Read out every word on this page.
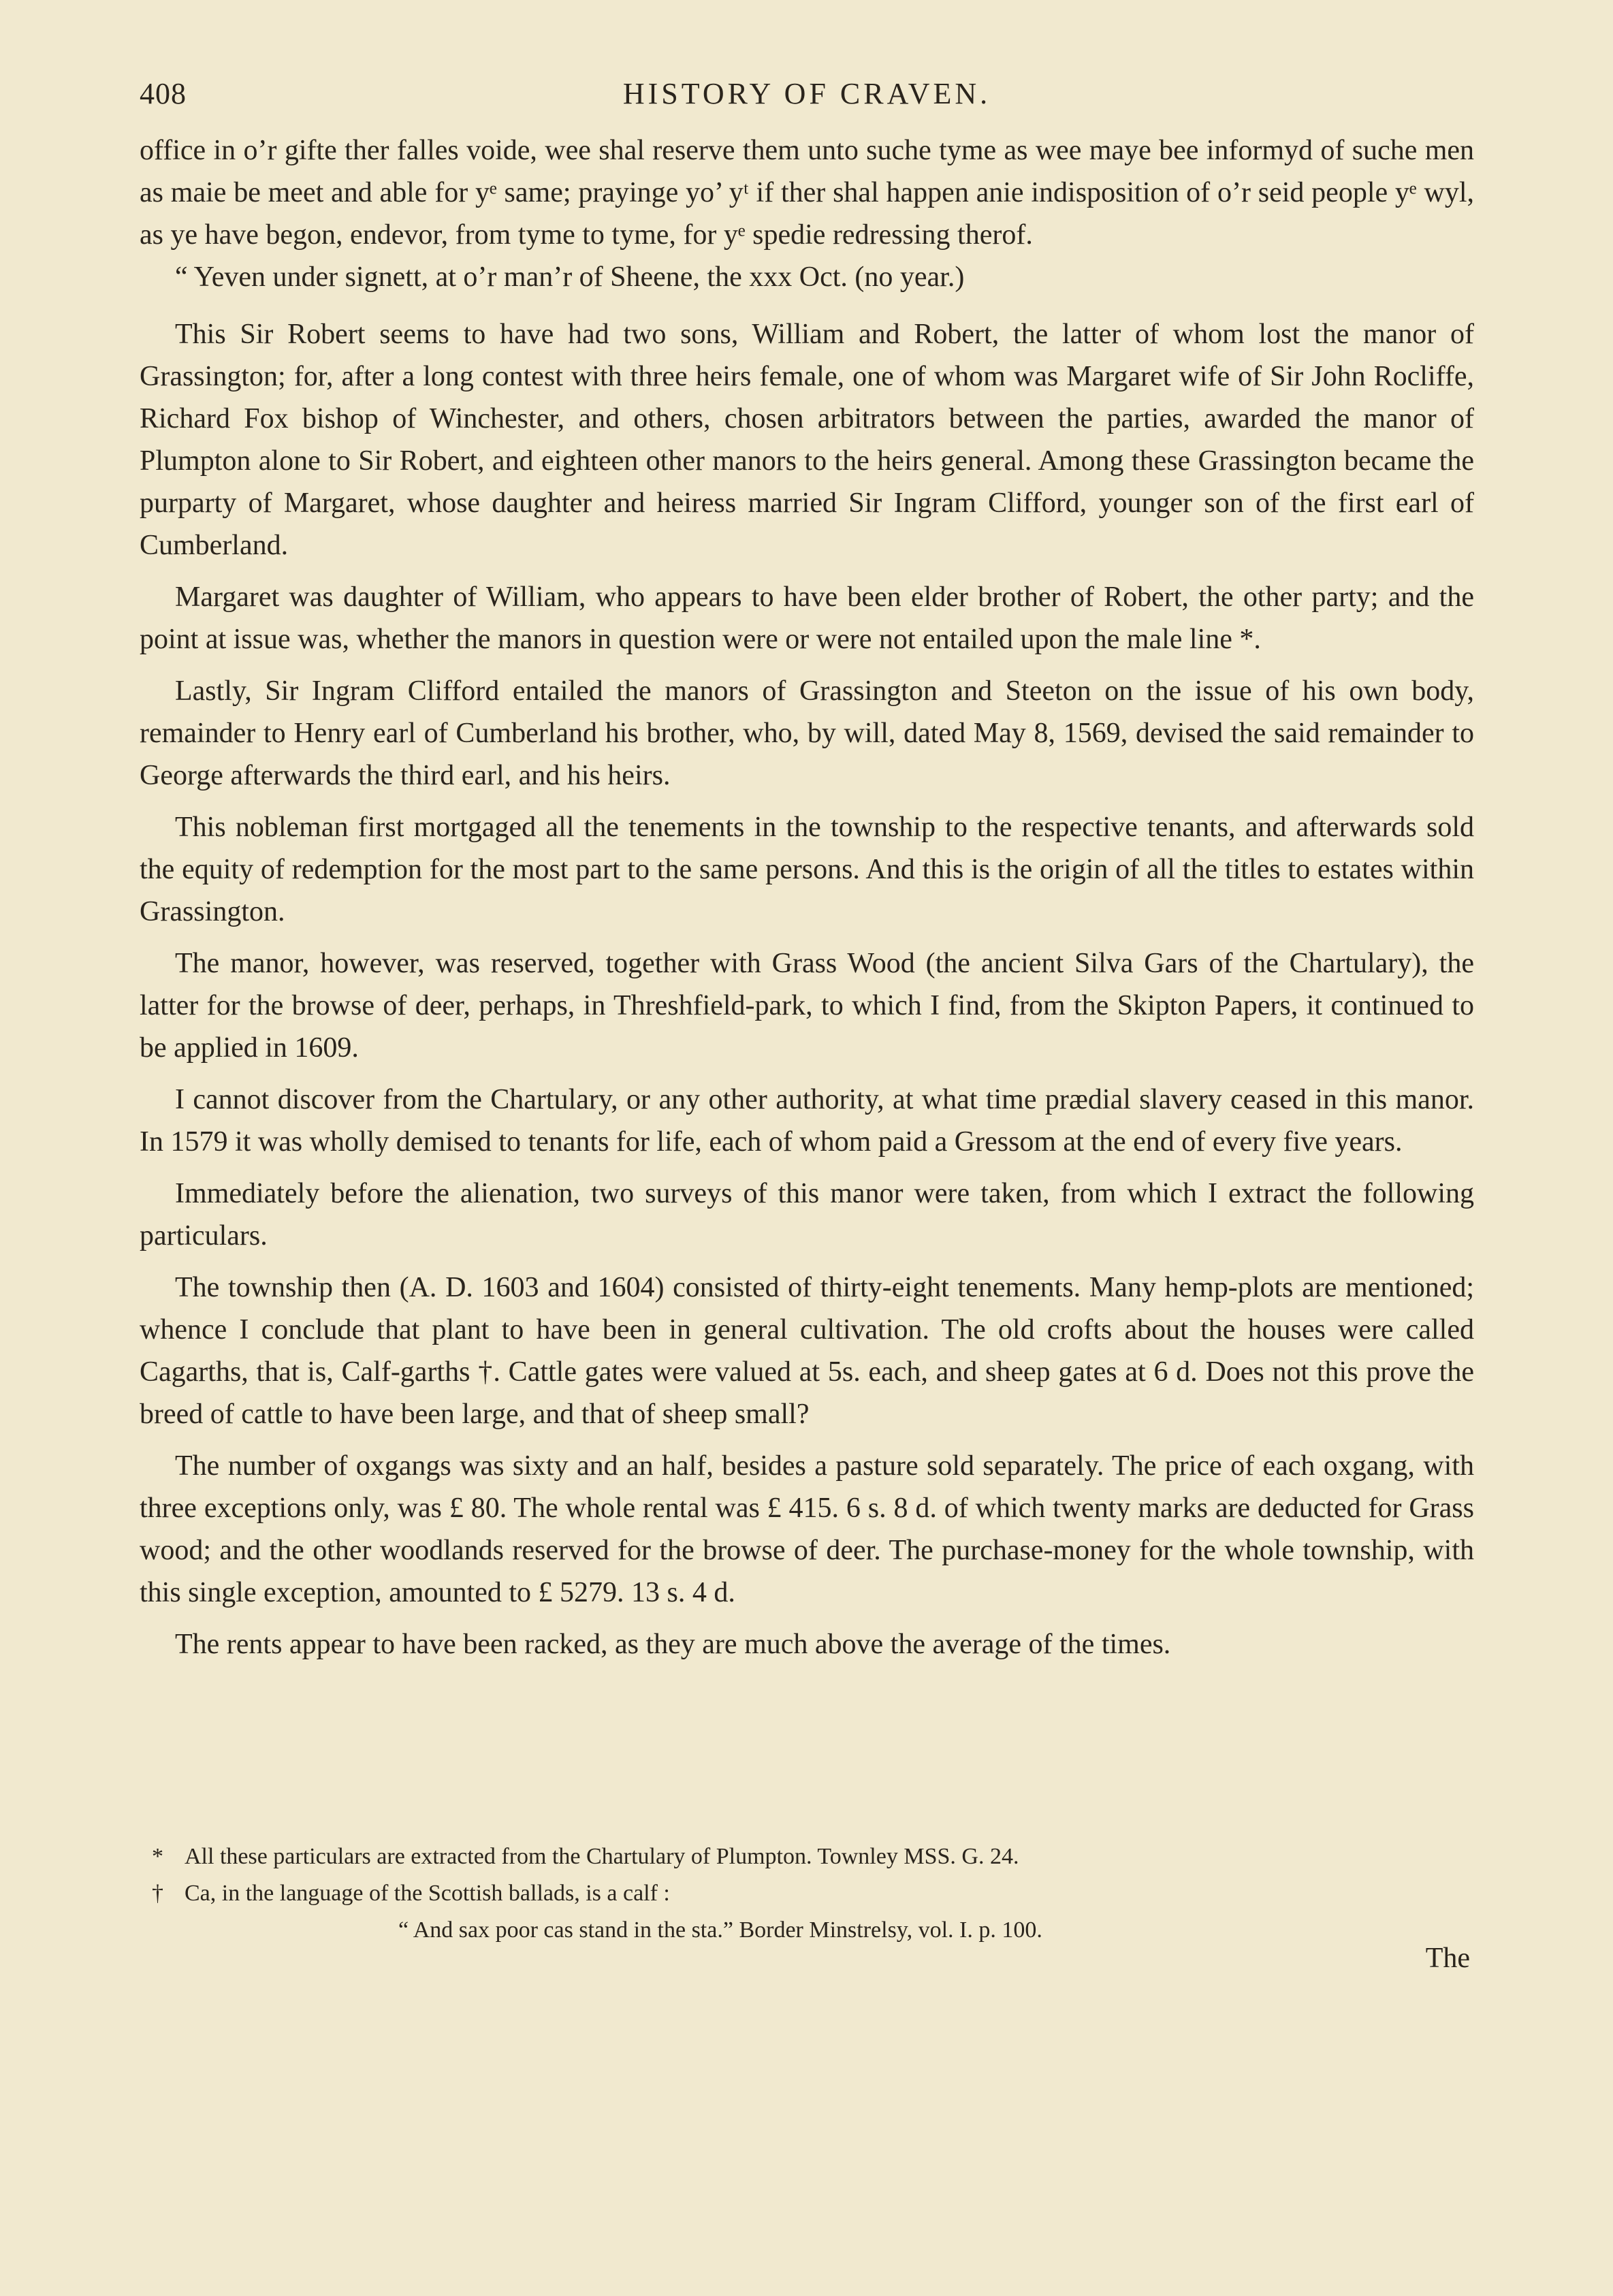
408	HISTORY OF CRAVEN.

office in o’r gifte ther falles voide, wee shal reserve them unto suche tyme as wee maye bee informyd of suche men as maie be meet and able for yᵉ same; prayinge yo’ yᵗ if ther shal happen anie indisposition of o’r seid people yᵉ wyl, as ye have begon, endevor, from tyme to tyme, for yᵉ spedie redressing therof.

“ Yeven under signett, at o’r man’r of Sheene, the xxx Oct. (no year.)

This Sir Robert seems to have had two sons, William and Robert, the latter of whom lost the manor of Grassington; for, after a long contest with three heirs female, one of whom was Margaret wife of Sir John Rocliffe, Richard Fox bishop of Winchester, and others, chosen arbitrators between the parties, awarded the manor of Plumpton alone to Sir Robert, and eighteen other manors to the heirs general. Among these Grassington became the purparty of Margaret, whose daughter and heiress married Sir Ingram Clifford, younger son of the first earl of Cumberland.

Margaret was daughter of William, who appears to have been elder brother of Robert, the other party; and the point at issue was, whether the manors in question were or were not entailed upon the male line *.

Lastly, Sir Ingram Clifford entailed the manors of Grassington and Steeton on the issue of his own body, remainder to Henry earl of Cumberland his brother, who, by will, dated May 8, 1569, devised the said remainder to George afterwards the third earl, and his heirs.

This nobleman first mortgaged all the tenements in the township to the respective tenants, and afterwards sold the equity of redemption for the most part to the same persons. And this is the origin of all the titles to estates within Grassington.

The manor, however, was reserved, together with Grass Wood (the ancient Silva Gars of the Chartulary), the latter for the browse of deer, perhaps, in Threshfield-park, to which I find, from the Skipton Papers, it continued to be applied in 1609.

I cannot discover from the Chartulary, or any other authority, at what time prædial slavery ceased in this manor. In 1579 it was wholly demised to tenants for life, each of whom paid a Gressom at the end of every five years.

Immediately before the alienation, two surveys of this manor were taken, from which I extract the following particulars.

The township then (A. D. 1603 and 1604) consisted of thirty-eight tenements. Many hemp-plots are mentioned; whence I conclude that plant to have been in general cultivation. The old crofts about the houses were called Cagarths, that is, Calf-garths †. Cattle gates were valued at 5s. each, and sheep gates at 6 d. Does not this prove the breed of cattle to have been large, and that of sheep small?

The number of oxgangs was sixty and an half, besides a pasture sold separately. The price of each oxgang, with three exceptions only, was £ 80. The whole rental was £ 415. 6 s. 8 d. of which twenty marks are deducted for Grass wood; and the other woodlands reserved for the browse of deer. The purchase-money for the whole township, with this single exception, amounted to £ 5279. 13 s. 4 d.

The rents appear to have been racked, as they are much above the average of the times.

* All these particulars are extracted from the Chartulary of Plumpton. Townley MSS. G. 24.
† Ca, in the language of the Scottish ballads, is a calf :
“ And sax poor cas stand in the sta.” Border Minstrelsy, vol. I. p. 100.
The
